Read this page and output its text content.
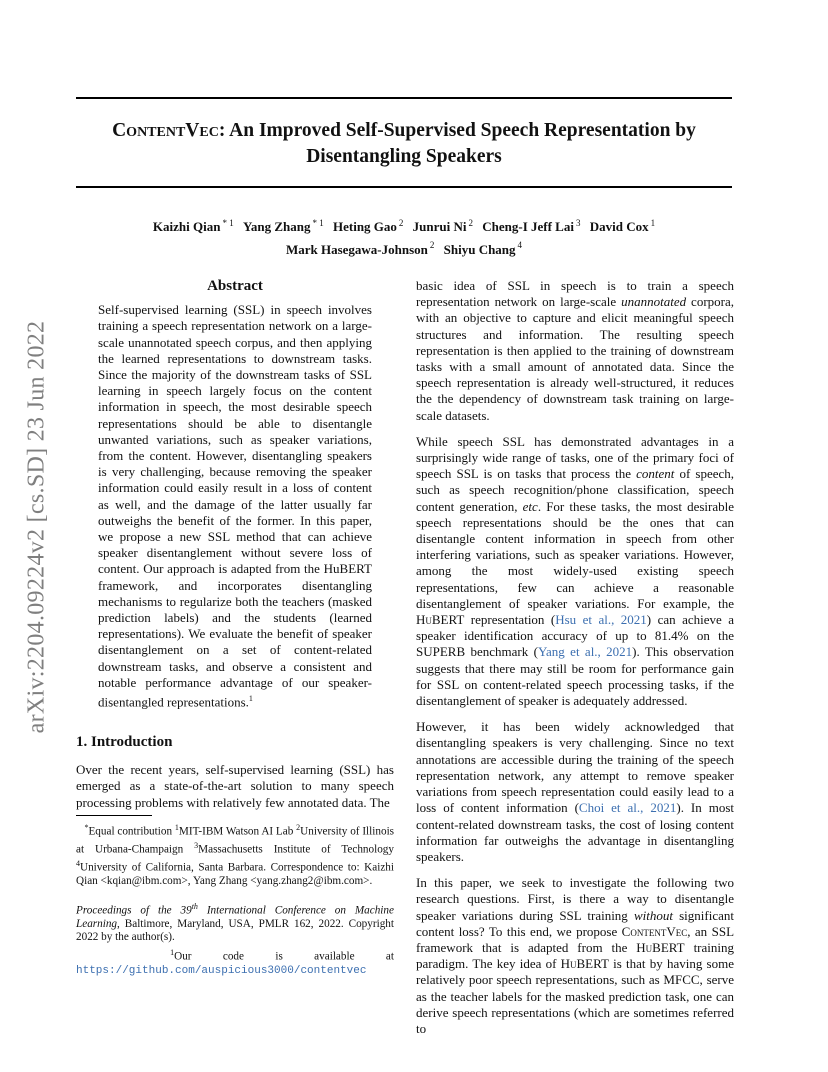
ContentVec: An Improved Self-Supervised Speech Representation by
Disentangling Speakers
Kaizhi Qian $^{* 1}$ Yang Zhang $^{* 1}$ Heting Gao $^2$ Junrui Ni $^2$ Cheng-I Jeff Lai $^3$ David Cox $^1$
Mark Hasegawa-Johnson $^2$ Shiyu Chang $^4$
arXiv:2204.09224v2 [cs.SD] 23 Jun 2022

Abstract

Self-supervised learning (SSL) in speech involves training a speech representation network on a large-scale unannotated speech corpus, and then applying the learned representations to downstream tasks. Since the majority of the downstream tasks of SSL learning in speech largely focus on the content information in speech, the most desirable speech representations should be able to disentangle unwanted variations, such as speaker variations, from the content. However, disentangling speakers is very challenging, because removing the speaker information could easily result in a loss of content as well, and the damage of the latter usually far outweighs the benefit of the former. In this paper, we propose a new SSL method that can achieve speaker disentanglement without severe loss of content. Our approach is adapted from the HuBERT framework, and incorporates disentangling mechanisms to regularize both the teachers (masked prediction labels) and the students (learned representations). We evaluate the benefit of speaker disentanglement on a set of content-related downstream tasks, and observe a consistent and notable performance advantage of our speaker-disentangled representations.$^1$

1. Introduction

Over the recent years, self-supervised learning (SSL) has emerged as a state-of-the-art solution to many speech processing problems with relatively few annotated data. The

*Equal contribution $^1$MIT-IBM Watson AI Lab $^2$University of Illinois at Urbana-Champaign $^3$Massachusetts Institute of Technology $^4$University of California, Santa Barbara. Correspondence to: Kaizhi Qian <kqian@ibm.com>, Yang Zhang <yang.zhang2@ibm.com>.

Proceedings of the 39th International Conference on Machine Learning, Baltimore, Maryland, USA, PMLR 162, 2022. Copyright 2022 by the author(s).

$^1$Our code is available at https://github.com/auspicious3000/contentvec

basic idea of SSL in speech is to train a speech representation network on large-scale unannotated corpora, with an objective to capture and elicit meaningful speech structures and information. The resulting speech representation is then applied to the training of downstream tasks with a small amount of annotated data. Since the speech representation is already well-structured, it reduces the the dependency of downstream task training on large-scale datasets.

While speech SSL has demonstrated advantages in a surprisingly wide range of tasks, one of the primary foci of speech SSL is on tasks that process the content of speech, such as speech recognition/phone classification, speech content generation, etc. For these tasks, the most desirable speech representations should be the ones that can disentangle content information in speech from other interfering variations, such as speaker variations. However, among the most widely-used existing speech representations, few can achieve a reasonable disentanglement of speaker variations. For example, the HuBERT representation (Hsu et al., 2021) can achieve a speaker identification accuracy of up to 81.4% on the SUPERB benchmark (Yang et al., 2021). This observation suggests that there may still be room for performance gain for SSL on content-related speech processing tasks, if the disentanglement of speaker is adequately addressed.

However, it has been widely acknowledged that disentangling speakers is very challenging. Since no text annotations are accessible during the training of the speech representation network, any attempt to remove speaker variations from speech representation could easily lead to a loss of content information (Choi et al., 2021). In most content-related downstream tasks, the cost of losing content information far outweighs the advantage in disentangling speakers.

In this paper, we seek to investigate the following two research questions. First, is there a way to disentangle speaker variations during SSL training without significant content loss? To this end, we propose ContentVec, an SSL framework that is adapted from the HuBERT training paradigm. The key idea of HuBERT is that by having some relatively poor speech representations, such as MFCC, serve as the teacher labels for the masked prediction task, one can derive speech representations (which are sometimes referred to
